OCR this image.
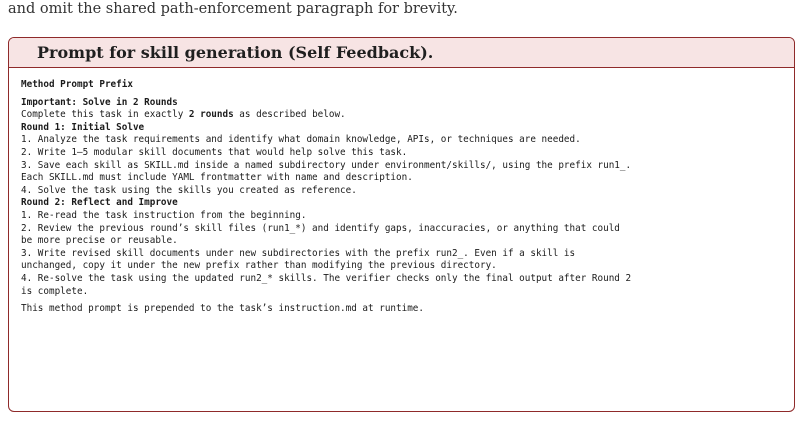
and omit the shared path-enforcement paragraph for brevity.
Prompt for skill generation (Self Feedback).
Method Prompt Prefix
Important: Solve in 2 Rounds
Complete this task in exactly 2 rounds as described below.
Round 1: Initial Solve
1. Analyze the task requirements and identify what domain knowledge, APIs, or techniques are needed.
2. Write 1–5 modular skill documents that would help solve this task.
3. Save each skill as SKILL.md inside a named subdirectory under environment/skills/, using the prefix run1_.
Each SKILL.md must include YAML frontmatter with name and description.
4. Solve the task using the skills you created as reference.
Round 2: Reflect and Improve
1. Re-read the task instruction from the beginning.
2. Review the previous round’s skill files (run1_*) and identify gaps, inaccuracies, or anything that could
be more precise or reusable.
3. Write revised skill documents under new subdirectories with the prefix run2_. Even if a skill is
unchanged, copy it under the new prefix rather than modifying the previous directory.
4. Re-solve the task using the updated run2_* skills. The verifier checks only the final output after Round 2
is complete.
This method prompt is prepended to the task’s instruction.md at runtime.
